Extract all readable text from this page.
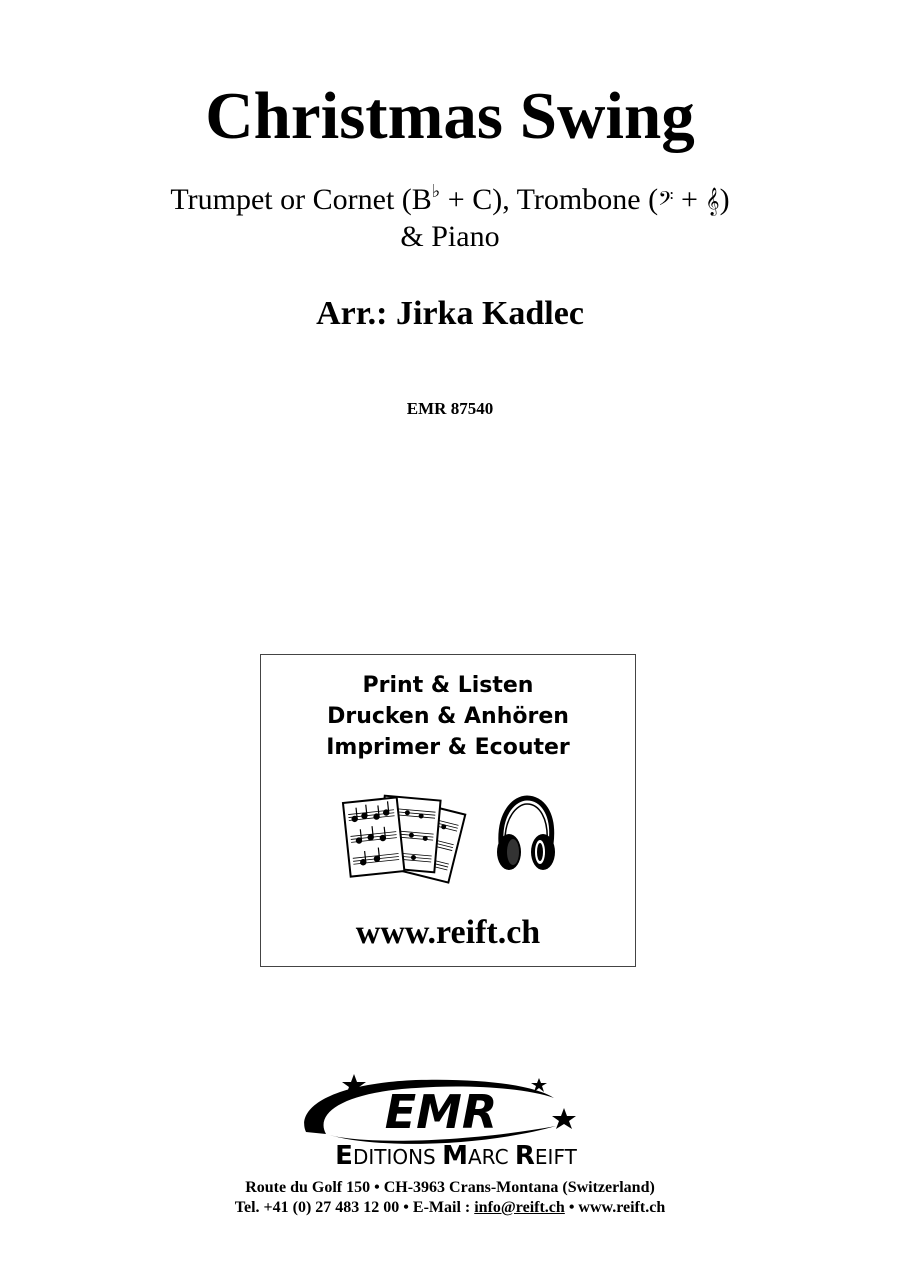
Christmas Swing
Trumpet or Cornet (B♭ + C), Trombone (𝄢 + 𝄞)
& Piano
Arr.: Jirka Kadlec
EMR 87540
Print & Listen
Drucken & Anhören
Imprimer & Ecouter
www.reift.ch
EMR
EDITIONS MARC REIFT
Route du Golf 150 • CH-3963 Crans-Montana (Switzerland)
Tel. +41 (0) 27 483 12 00 • E-Mail : info@reift.ch • www.reift.ch
